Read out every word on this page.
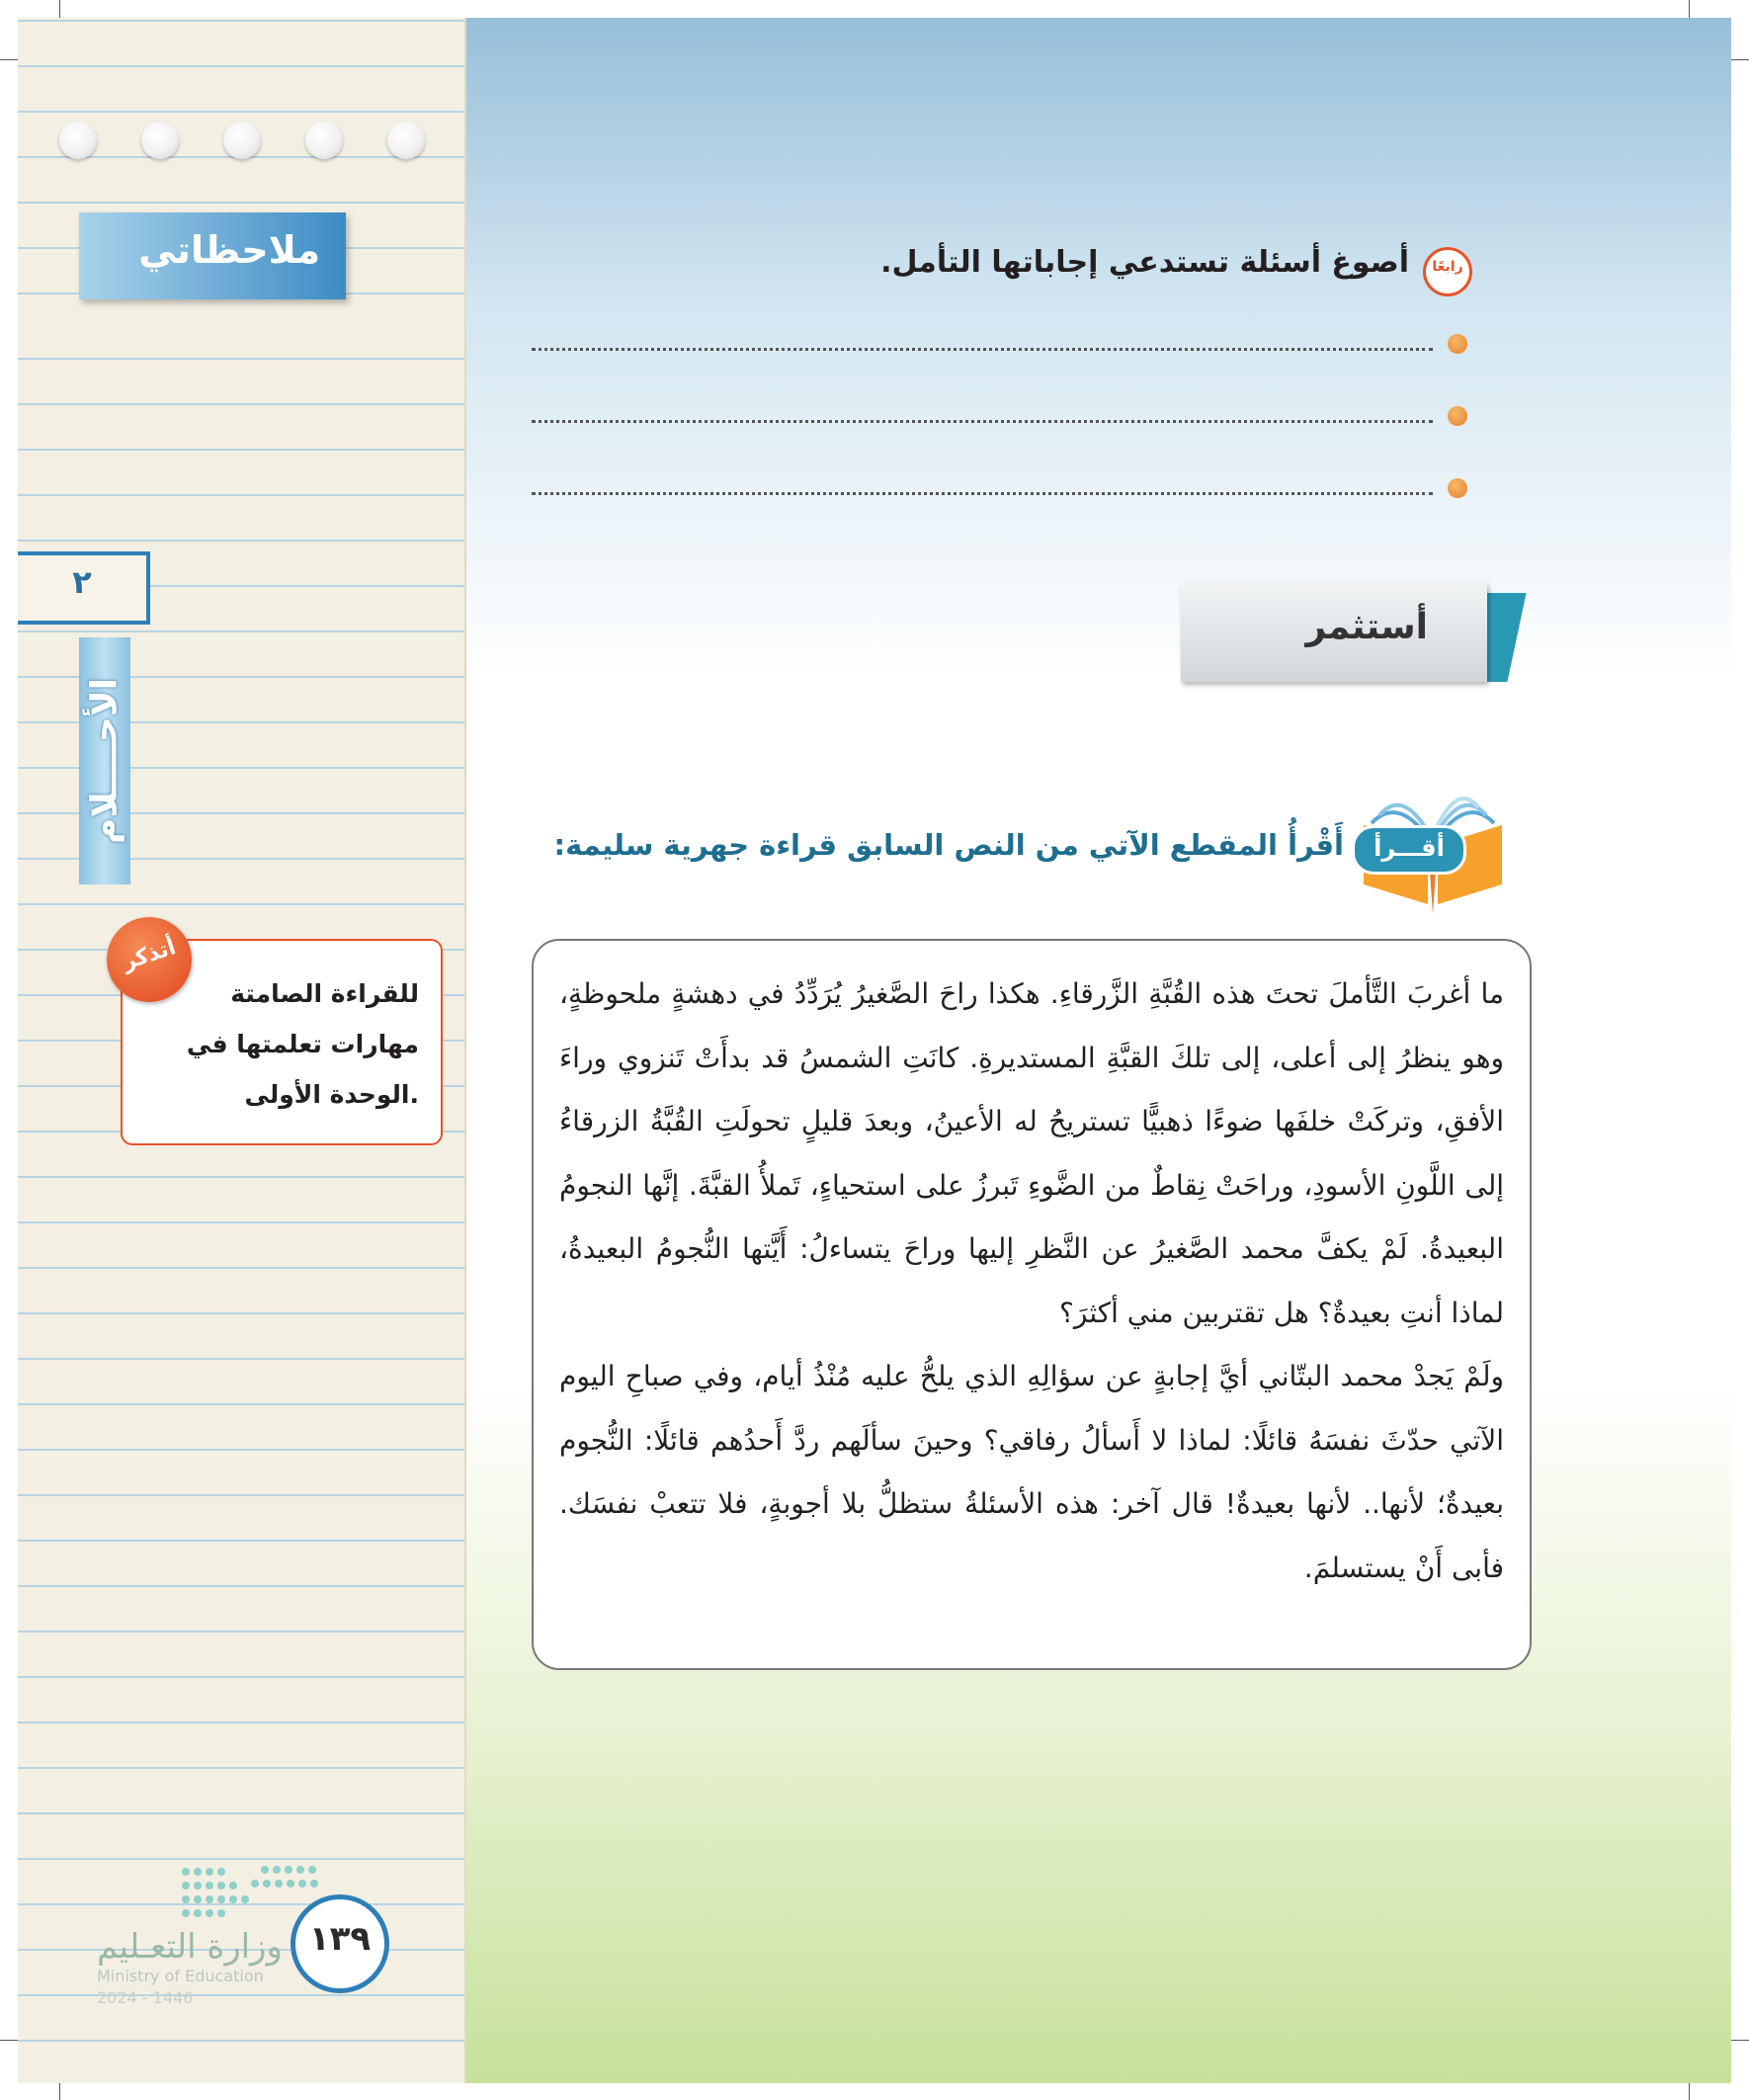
ملاحظاتي
٢
الأحــــلام

للقراءة الصامتة مهارات تعلمتها في الوحدة الأولى.

أتذكر
وزارة التعـليم
Ministry of Education
2024 - 1446
١٣٩
رابعًا
أصوغ أسئلة تستدعي إجاباتها التأمل.
أستثمر
أقـــرأ
أَقْرأُ المقطع الآتي من النص السابق قراءة جهرية سليمة:

ما أغربَ التَّأملَ تحتَ هذه القُبَّةِ الزَّرقاءِ. هكذا راحَ الصَّغيرُ يُرَدِّدُ في دهشةٍ ملحوظةٍ، وهو ينظرُ إلى أعلى، إلى تلكَ القبَّةِ المستديرةِ. كانَتِ الشمسُ قد بدأَتْ تَنزوي وراءَ الأفقِ، وتركَتْ خلفَها ضوءًا ذهبيًّا تستريحُ له الأعينُ، وبعدَ قليلٍ تحولَتِ القُبَّةُ الزرقاءُ إلى اللَّونِ الأسودِ، وراحَتْ نِقاطٌ من الضَّوءِ تَبرزُ على استحياءٍ، تَملأُ القبَّةَ. إنَّها النجومُ البعيدةُ. لَمْ يكفَّ محمد الصَّغيرُ عن النَّظرِ إليها وراحَ يتساءلُ: أَيَّتها النُّجومُ البعيدةُ، لماذا أنتِ بعيدةٌ؟ هل تقتربين مني أكثرَ؟

ولَمْ يَجدْ محمد البتّاني أيَّ إجابةٍ عن سؤالِهِ الذي يلحُّ عليه مُنْذُ أيام، وفي صباحِ اليوم الآتي حدّثَ نفسَهُ قائلًا: لماذا لا أَسألُ رفاقي؟ وحينَ سألَهم ردَّ أَحدُهم قائلًا: النُّجوم بعيدةٌ؛ لأنها.. لأنها بعيدةٌ! قال آخر: هذه الأسئلةُ ستظلُّ بلا أجوبةٍ، فلا تتعبْ نفسَك. فأبى أَنْ يستسلمَ.
